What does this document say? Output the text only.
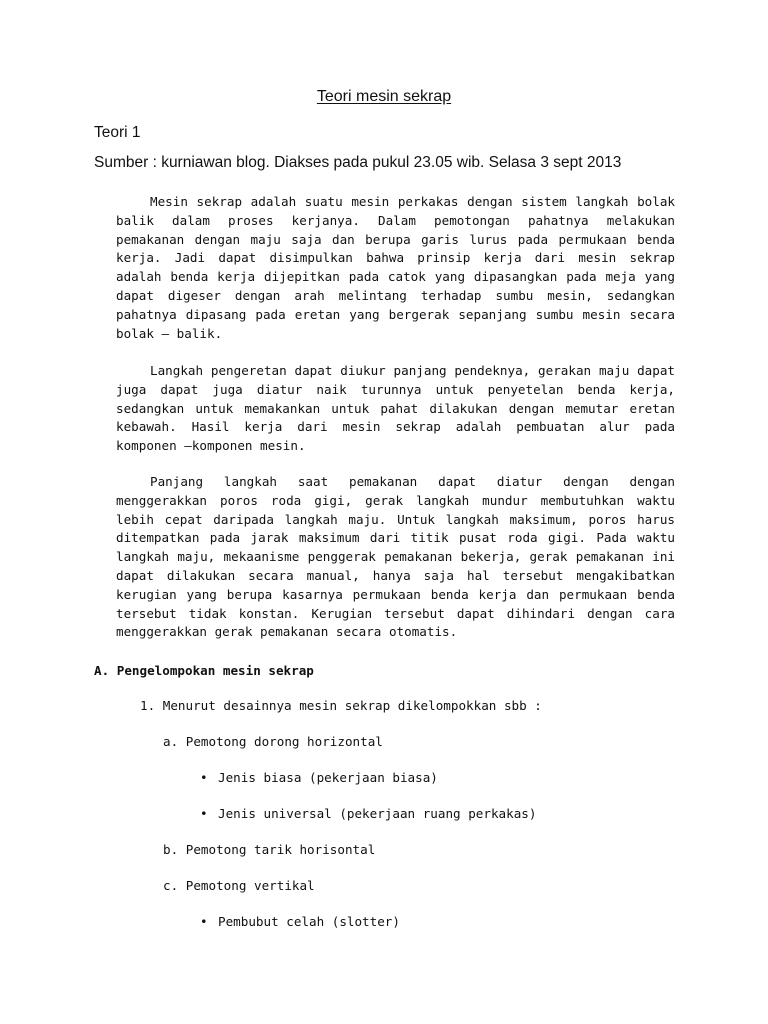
Teori mesin sekrap
Teori 1
Sumber : kurniawan blog. Diakses pada pukul 23.05 wib. Selasa 3 sept 2013

Mesin sekrap adalah suatu mesin perkakas dengan sistem langkah bolak balik dalam proses kerjanya. Dalam pemotongan pahatnya melakukan pemakanan dengan maju saja dan berupa garis lurus pada permukaan benda kerja. Jadi dapat disimpulkan bahwa prinsip kerja dari mesin sekrap adalah benda kerja dijepitkan pada catok yang dipasangkan pada meja yang dapat digeser dengan arah melintang terhadap sumbu mesin, sedangkan pahatnya dipasang pada eretan yang bergerak sepanjang sumbu mesin secara bolak – balik.

Langkah pengeretan dapat diukur panjang pendeknya, gerakan maju dapat juga dapat juga diatur naik turunnya untuk penyetelan benda kerja, sedangkan untuk memakankan untuk pahat dilakukan dengan memutar eretan kebawah. Hasil kerja dari mesin sekrap adalah pembuatan alur pada komponen –komponen mesin.

Panjang langkah saat pemakanan dapat diatur dengan dengan menggerakkan poros roda gigi, gerak langkah mundur membutuhkan waktu lebih cepat daripada langkah maju. Untuk langkah maksimum, poros harus ditempatkan pada jarak maksimum dari titik pusat roda gigi. Pada waktu langkah maju, mekaanisme penggerak pemakanan bekerja, gerak pemakanan ini dapat dilakukan secara manual, hanya saja hal tersebut mengakibatkan kerugian yang berupa kasarnya permukaan benda kerja dan permukaan benda tersebut tidak konstan. Kerugian tersebut dapat dihindari dengan cara menggerakkan gerak pemakanan secara otomatis.

A. Pengelompokan mesin sekrap

1. Menurut desainnya mesin sekrap dikelompokkan sbb :

a. Pemotong dorong horizontal

• Jenis biasa (pekerjaan biasa)

• Jenis universal (pekerjaan ruang perkakas)

b. Pemotong tarik horisontal

c. Pemotong vertikal

• Pembubut celah (slotter)
